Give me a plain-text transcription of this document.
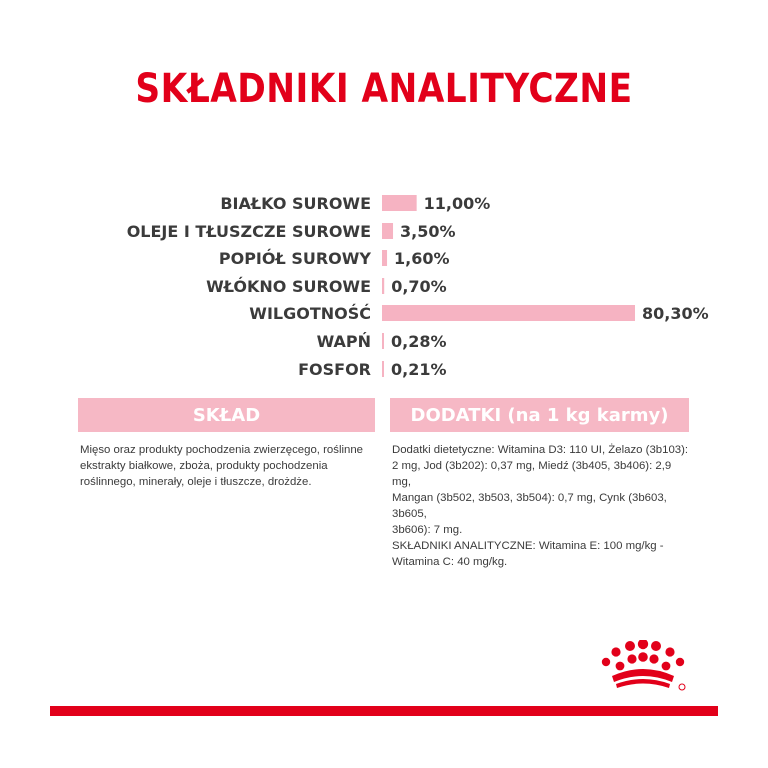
SKŁADNIKI ANALITYCZNE
BIAŁKO SUROWE	11,00%
OLEJE I TŁUSZCZE SUROWE 3,50%
POPIÓŁ SUROWY 1,60%
WŁÓKNO SUROWE 0,70%
WILGOTNOŚĆ	80,30%
WAPŃ 0,28%
FOSFOR 0,21%
SKŁAD	DODATKI (na 1 kg karmy)
Mięso oraz produkty pochodzenia zwierzęcego, roślinne
ekstrakty białkowe, zboża, produkty pochodzenia
roślinnego, minerały, oleje i tłuszcze, drożdże.
Dodatki dietetyczne: Witamina D3: 110 UI, Żelazo (3b103):
2 mg, Jod (3b202): 0,37 mg, Miedź (3b405, 3b406): 2,9 mg,
Mangan (3b502, 3b503, 3b504): 0,7 mg, Cynk (3b603, 3b605,
3b606): 7 mg.
SKŁADNIKI ANALITYCZNE: Witamina E: 100 mg/kg -
Witamina C: 40 mg/kg.
